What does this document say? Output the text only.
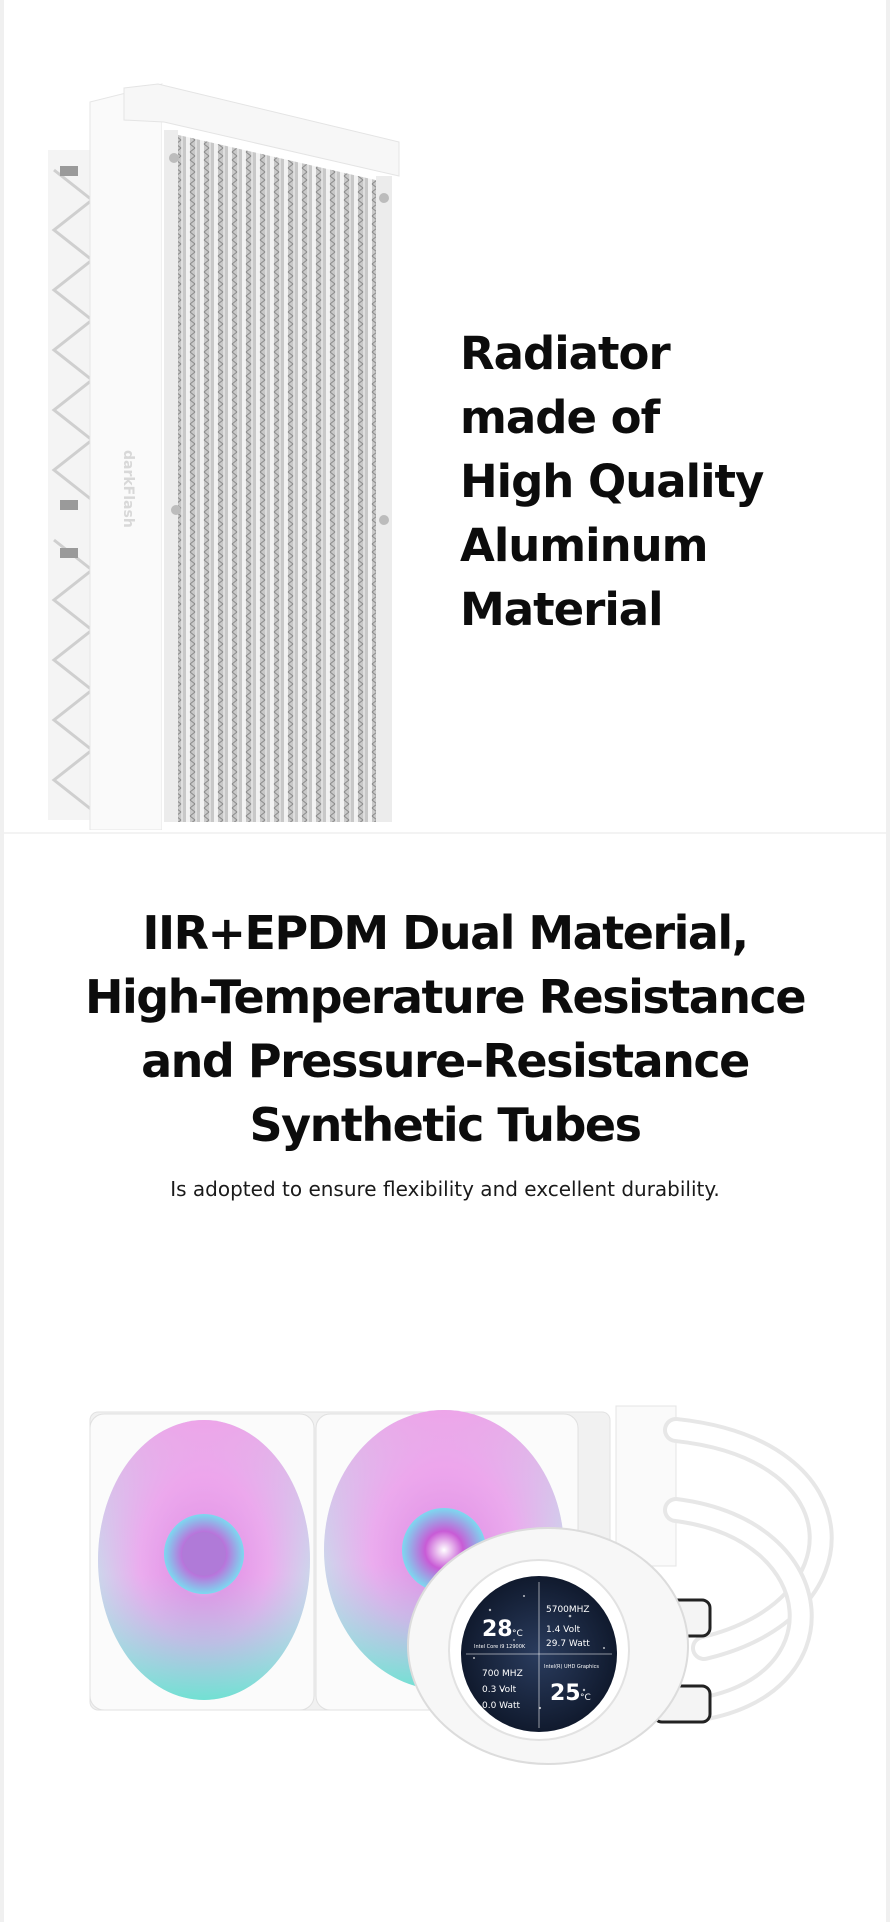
darkFlash
Radiator
made of
High Quality
Aluminum
Material
IIR+EPDM Dual Material,
High-Temperature Resistance
and Pressure-Resistance
Synthetic Tubes

Is adopted to ensure flexibility and excellent durability.

5700MHZ
28 °C	1.4 Volt
29.7 Watt
Intel Core i9 12900K
Intel(R) UHD Graphics
700 MHZ
0.3 Volt
0.0 Watt 25 °C
